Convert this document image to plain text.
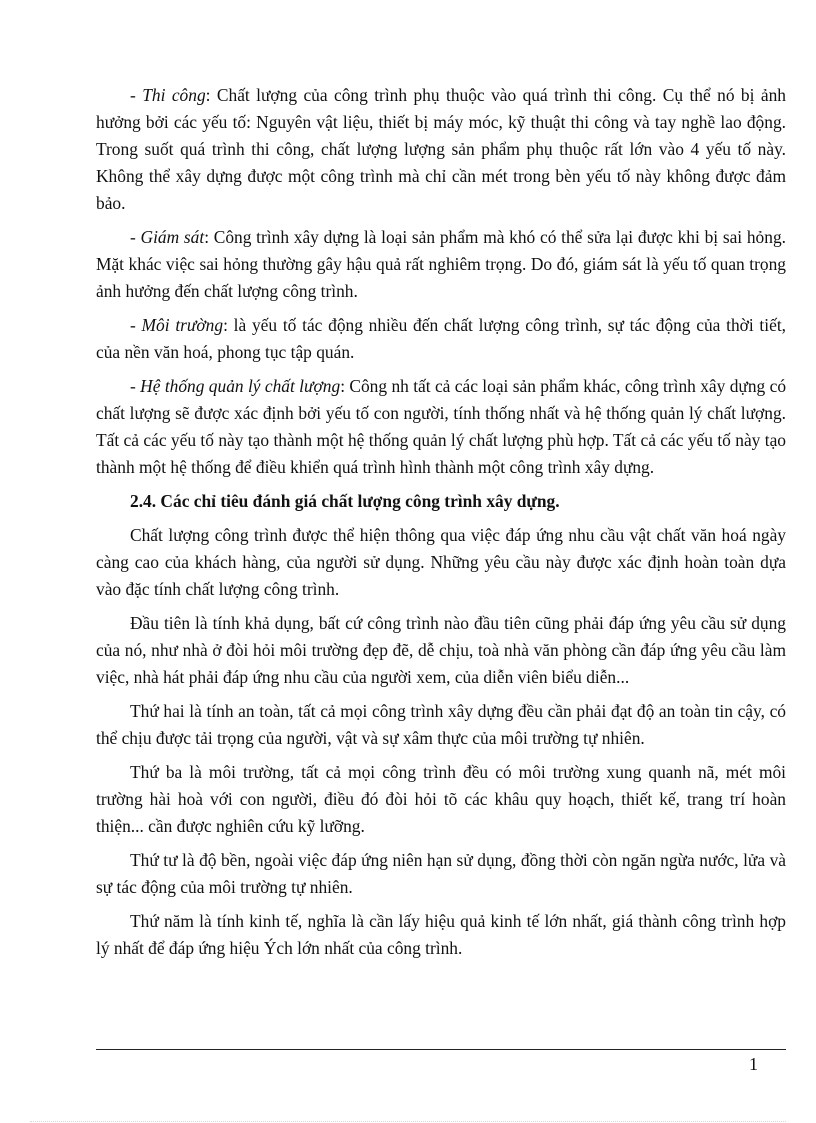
- Thi công: Chất lượng của công trình phụ thuộc vào quá trình thi công. Cụ thể nó bị ảnh hưởng bởi các yếu tố: Nguyên vật liệu, thiết bị máy móc, kỹ thuật thi công và tay nghề lao động. Trong suốt quá trình thi công, chất lượng lượng sản phẩm phụ thuộc rất lớn vào 4 yếu tố này. Không thể xây dựng được một công trình mà chỉ cần mét trong bèn yếu tố này không được đảm bảo.

- Giám sát: Công trình xây dựng là loại sản phẩm mà khó có thể sửa lại được khi bị sai hỏng. Mặt khác việc sai hỏng thường gây hậu quả rất nghiêm trọng. Do đó, giám sát là yếu tố quan trọng ảnh hưởng đến chất lượng công trình.

- Môi trường: là yếu tố tác động nhiều đến chất lượng công trình, sự tác động của thời tiết, của nền văn hoá, phong tục tập quán.

- Hệ thống quản lý chất lượng: Công nh tất cả các loại sản phẩm khác, công trình xây dựng có chất lượng sẽ được xác định bởi yếu tố con người, tính thống nhất và hệ thống quản lý chất lượng. Tất cả các yếu tố này tạo thành một hệ thống quản lý chất lượng phù hợp. Tất cả các yếu tố này tạo thành một hệ thống để điều khiển quá trình hình thành một công trình xây dựng.

2.4. Các chỉ tiêu đánh giá chất lượng công trình xây dựng.

Chất lượng công trình được thể hiện thông qua việc đáp ứng nhu cầu vật chất văn hoá ngày càng cao của khách hàng, của người sử dụng. Những yêu cầu này được xác định hoàn toàn dựa vào đặc tính chất lượng công trình.

Đầu tiên là tính khả dụng, bất cứ công trình nào đầu tiên cũng phải đáp ứng yêu cầu sử dụng của nó, như nhà ở đòi hỏi môi trường đẹp đẽ, dễ chịu, toà nhà văn phòng cần đáp ứng yêu cầu làm việc, nhà hát phải đáp ứng nhu cầu của người xem, của diễn viên biểu diễn...

Thứ hai là tính an toàn, tất cả mọi công trình xây dựng đều cần phải đạt độ an toàn tin cậy, có thể chịu được tải trọng của người, vật và sự xâm thực của môi trường tự nhiên.

Thứ ba là môi trường, tất cả mọi công trình đều có môi trường xung quanh nã, mét môi trường hài hoà với con người, điều đó đòi hỏi tõ các khâu quy hoạch, thiết kế, trang trí hoàn thiện... cần được nghiên cứu kỹ lưỡng.

Thứ tư là độ bền, ngoài việc đáp ứng niên hạn sử dụng, đồng thời còn ngăn ngừa nước, lửa và sự tác động của môi trường tự nhiên.

Thứ năm là tính kinh tế, nghĩa là cần lấy hiệu quả kinh tế lớn nhất, giá thành công trình hợp lý nhất để đáp ứng hiệu Ých lớn nhất của công trình.

1
